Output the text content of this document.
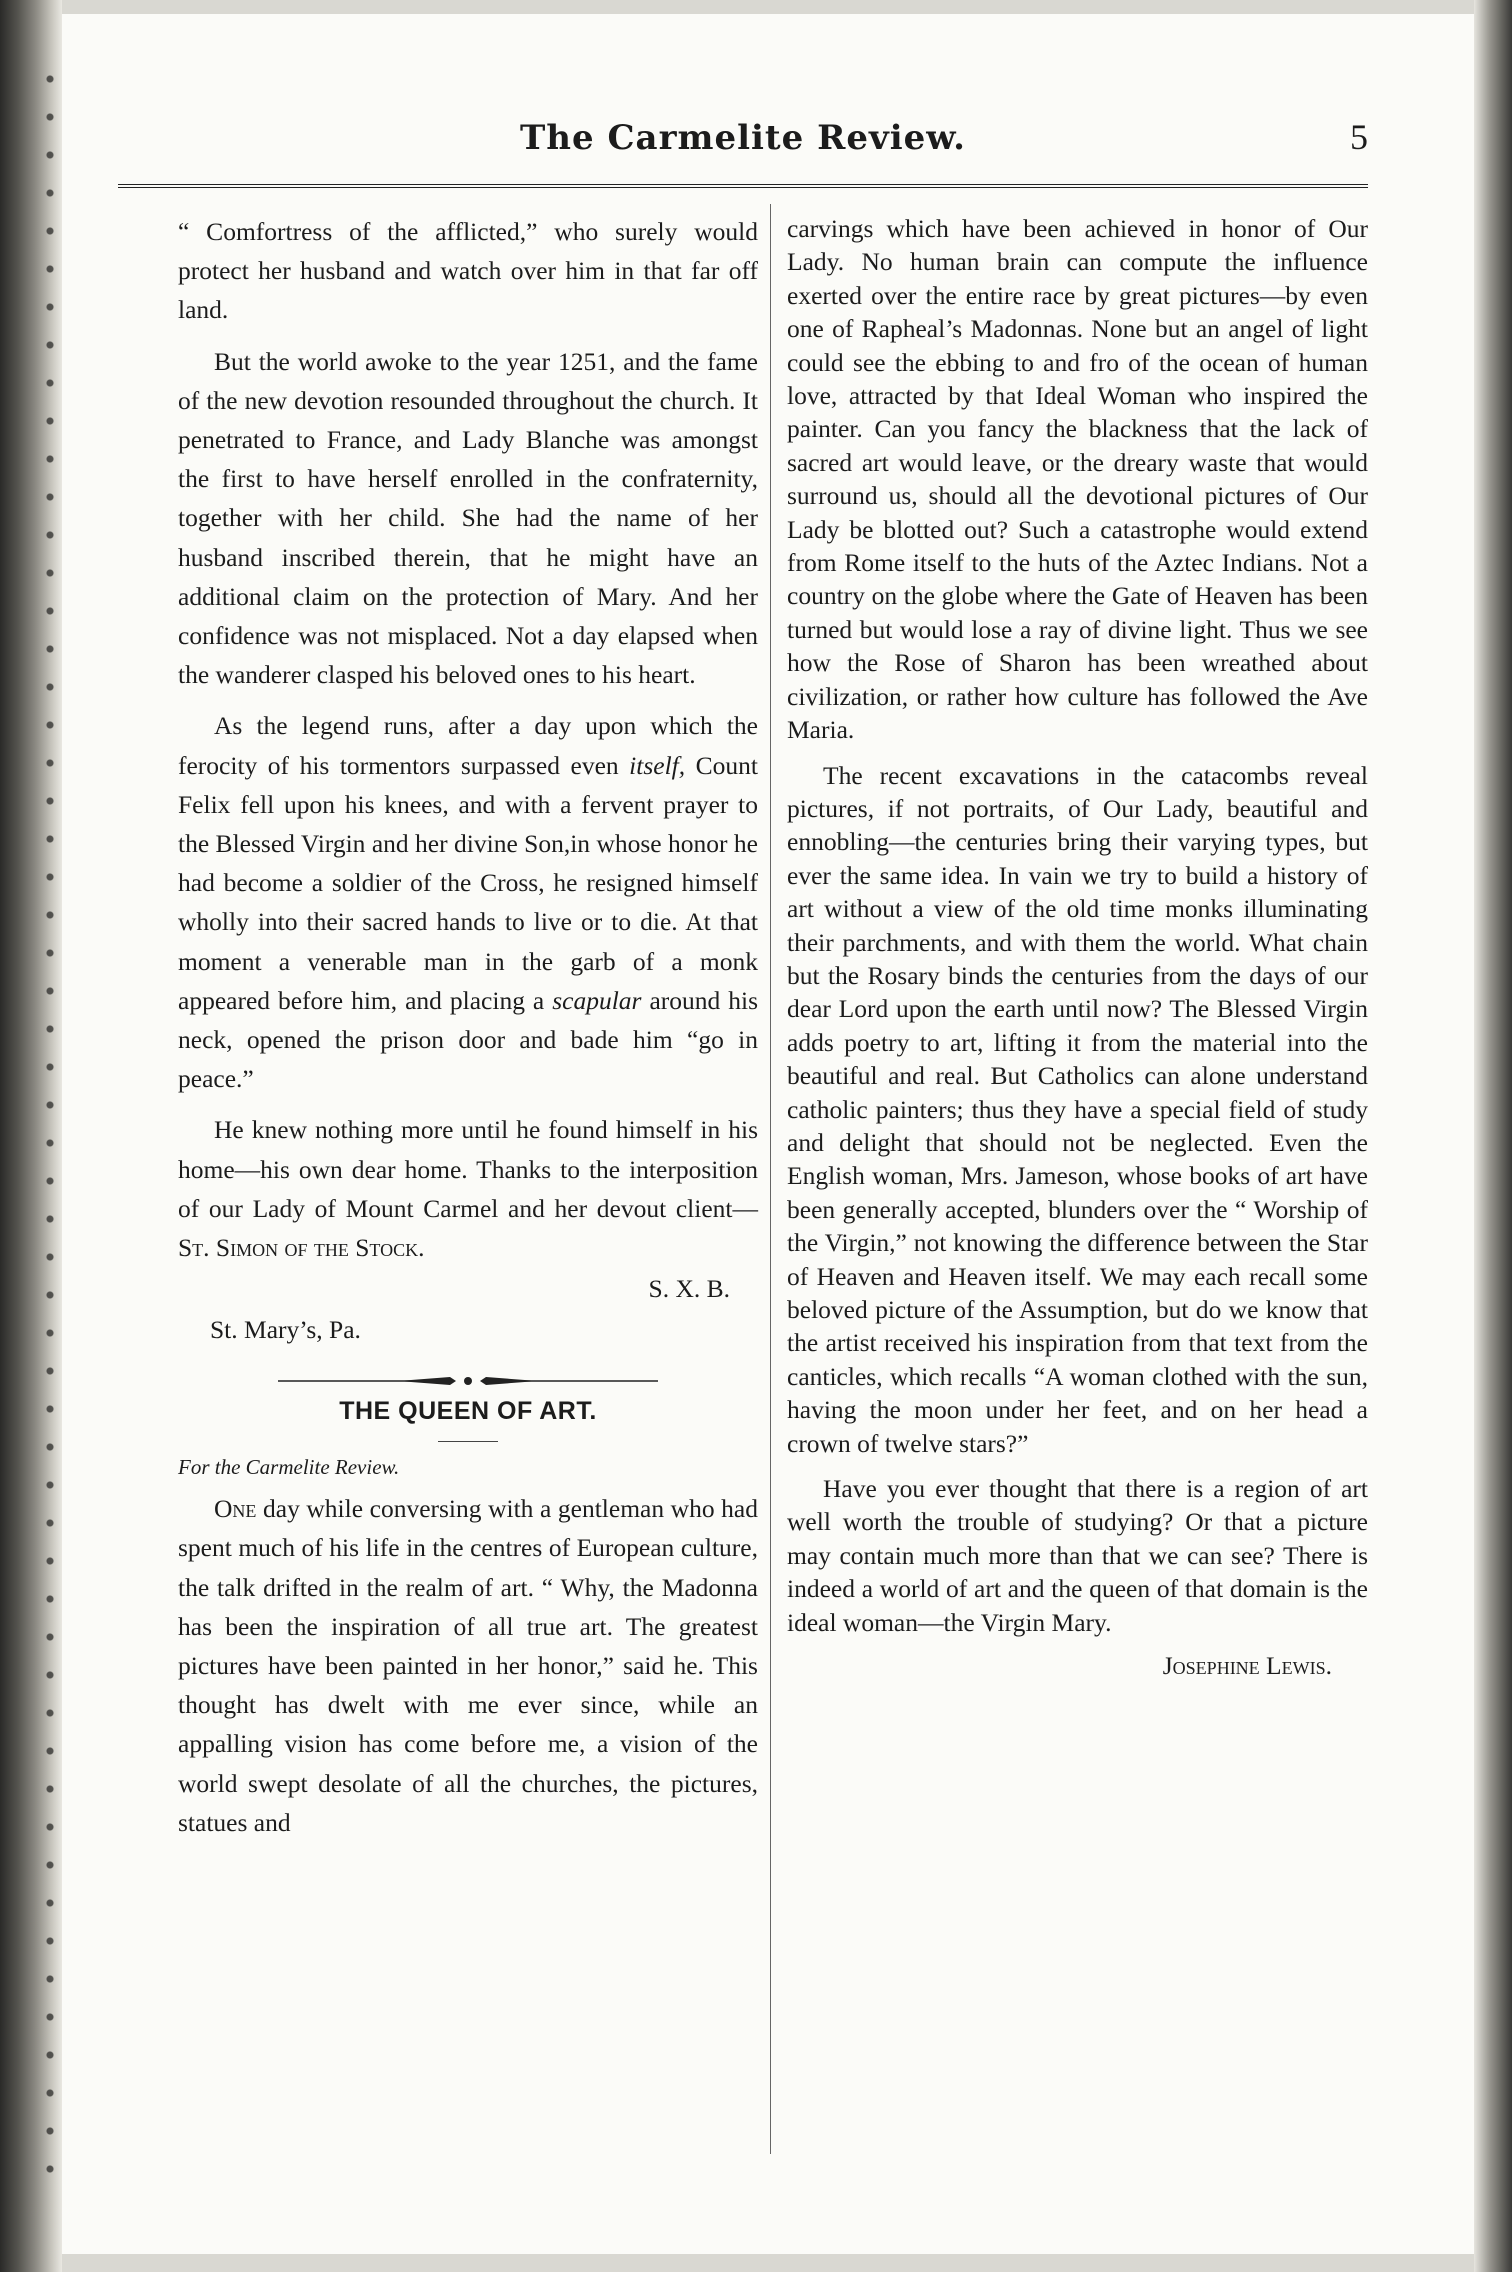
The Carmelite Review.	5

“ Comfortress of the afflicted,” who surely would protect her husband and watch over him in that far off land.

But the world awoke to the year 1251, and the fame of the new devotion resounded throughout the church. It penetrated to France, and Lady Blanche was amongst the first to have herself enrolled in the confraternity, together with her child. She had the name of her husband inscribed therein, that he might have an additional claim on the protection of Mary. And her confidence was not misplaced. Not a day elapsed when the wanderer clasped his beloved ones to his heart.

As the legend runs, after a day upon which the ferocity of his tormentors surpassed even itself, Count Felix fell upon his knees, and with a fervent prayer to the Blessed Virgin and her divine Son,in whose honor he had become a soldier of the Cross, he resigned himself wholly into their sacred hands to live or to die. At that moment a venerable man in the garb of a monk appeared before him, and placing a scapular around his neck, opened the prison door and bade him “go in peace.”

He knew nothing more until he found himself in his home—his own dear home. Thanks to the interposition of our Lady of Mount Carmel and her devout client— St. Simon of the Stock.

S. X. B.
St. Mary’s, Pa.
THE QUEEN OF ART.
For the Carmelite Review.

One day while conversing with a gentleman who had spent much of his life in the centres of European culture, the talk drifted in the realm of art. “ Why, the Madonna has been the inspiration of all true art. The greatest pictures have been painted in her honor,” said he. This thought has dwelt with me ever since, while an appalling vision has come before me, a vision of the world swept desolate of all the churches, the pictures, statues and

carvings which have been achieved in honor of Our Lady. No human brain can compute the influence exerted over the entire race by great pictures—by even one of Rapheal’s Madonnas. None but an angel of light could see the ebbing to and fro of the ocean of human love, attracted by that Ideal Woman who inspired the painter. Can you fancy the blackness that the lack of sacred art would leave, or the dreary waste that would surround us, should all the devotional pictures of Our Lady be blotted out? Such a catastrophe would extend from Rome itself to the huts of the Aztec Indians. Not a country on the globe where the Gate of Heaven has been turned but would lose a ray of divine light. Thus we see how the Rose of Sharon has been wreathed about civilization, or rather how culture has followed the Ave Maria.

The recent excavations in the catacombs reveal pictures, if not portraits, of Our Lady, beautiful and ennobling—the centuries bring their varying types, but ever the same idea. In vain we try to build a history of art without a view of the old time monks illuminating their parchments, and with them the world. What chain but the Rosary binds the centuries from the days of our dear Lord upon the earth until now? The Blessed Virgin adds poetry to art, lifting it from the material into the beautiful and real. But Catholics can alone understand catholic painters; thus they have a special field of study and delight that should not be neglected. Even the English woman, Mrs. Jameson, whose books of art have been generally accepted, blunders over the “ Worship of the Virgin,” not knowing the difference between the Star of Heaven and Heaven itself. We may each recall some beloved picture of the Assumption, but do we know that the artist received his inspiration from that text from the canticles, which recalls “A woman clothed with the sun, having the moon under her feet, and on her head a crown of twelve stars?”

Have you ever thought that there is a region of art well worth the trouble of studying? Or that a picture may contain much more than that we can see? There is indeed a world of art and the queen of that domain is the ideal woman—the Virgin Mary.

Josephine Lewis.
